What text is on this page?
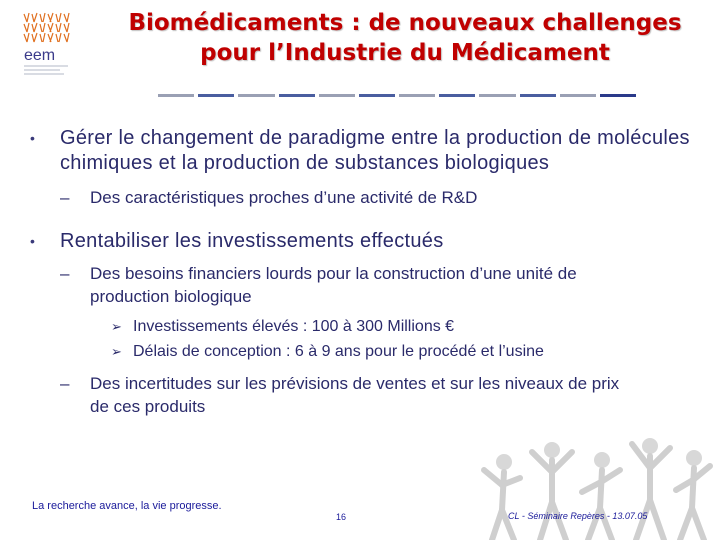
eem
Biomédicaments : de nouveaux challenges
pour l’Industrie du Médicament
• Gérer le changement de paradigme entre la production de molécules chimiques et la production de substances biologiques
– Des caractéristiques proches d’une activité de R&D
• Rentabiliser les investissements effectués
– Des besoins financiers lourds pour la construction d’une unité de production biologique
➢ Investissements élevés : 100 à 300 Millions €
➢ Délais de conception : 6 à 9 ans pour le procédé et l’usine
– Des incertitudes sur les prévisions de ventes et sur les niveaux de prix de ces produits
La recherche avance, la vie progresse.
16	CL - Séminaire Repères - 13.07.05
